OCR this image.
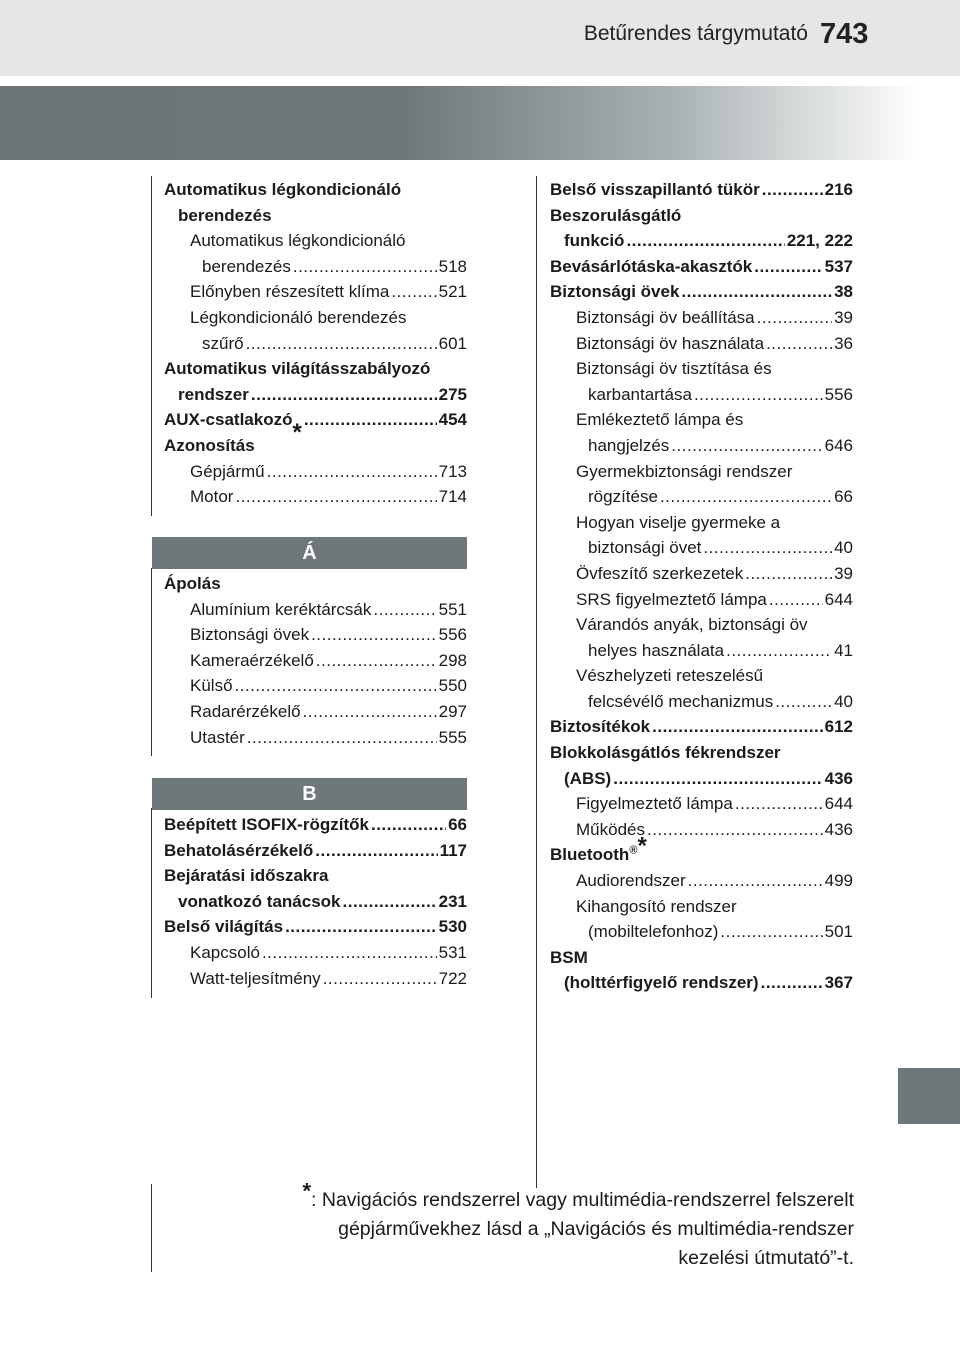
Betűrendes tárgymutató 743
Automatikus légkondicionáló
berendezés
Automatikus légkondicionáló
berendezés .....	518
Előnyben részesített klíma .....	521
Légkondicionáló berendezés
szűrő .....	601
Automatikus világításszabályozó
rendszer .....	275
AUX-csatlakozó * .....	454
Azonosítás
Gépjármű .....	713
Motor .....	714
Á
Ápolás
Alumínium keréktárcsák .....	551
Biztonsági övek .....	556
Kameraérzékelő .....	298
Külső .....	550
Radarérzékelő .....	297
Utastér .....	555
B
Beépített ISOFIX-rögzítők .....	66
Behatolásérzékelő .....	117
Bejáratási időszakra
vonatkozó tanácsok .....	231
Belső világítás .....	530
Kapcsoló .....	531
Watt-teljesítmény .....	722
Belső visszapillantó tükör .....	216
Beszorulásgátló
funkció .....	221, 222
Bevásárlótáska-akasztók .....	537
Biztonsági övek .....	38
Biztonsági öv beállítása .....	39
Biztonsági öv használata .....	36
Biztonsági öv tisztítása és
karbantartása .....	556
Emlékeztető lámpa és
hangjelzés .....	646
Gyermekbiztonsági rendszer
rögzítése .....	66
Hogyan viselje gyermeke a
biztonsági övet .....	40
Övfeszítő szerkezetek .....	39
SRS figyelmeztető lámpa .....	644
Várandós anyák, biztonsági öv
helyes használata .....	41
Vészhelyzeti reteszelésű
felcsévélő mechanizmus .....	40
Biztosítékok .....	612
Blokkolásgátlós fékrendszer
(ABS) .....	436
Figyelmeztető lámpa .....	644
Működés .....	436
Bluetooth®*
Audiorendszer .....	499
Kihangosító rendszer
(mobiltelefonhoz) .....	501
BSM
(holttérfigyelő rendszer) .....	367
*: Navigációs rendszerrel vagy multimédia-rendszerrel felszerelt
gépjárművekhez lásd a „Navigációs és multimédia-rendszer
kezelési útmutató”-t.
